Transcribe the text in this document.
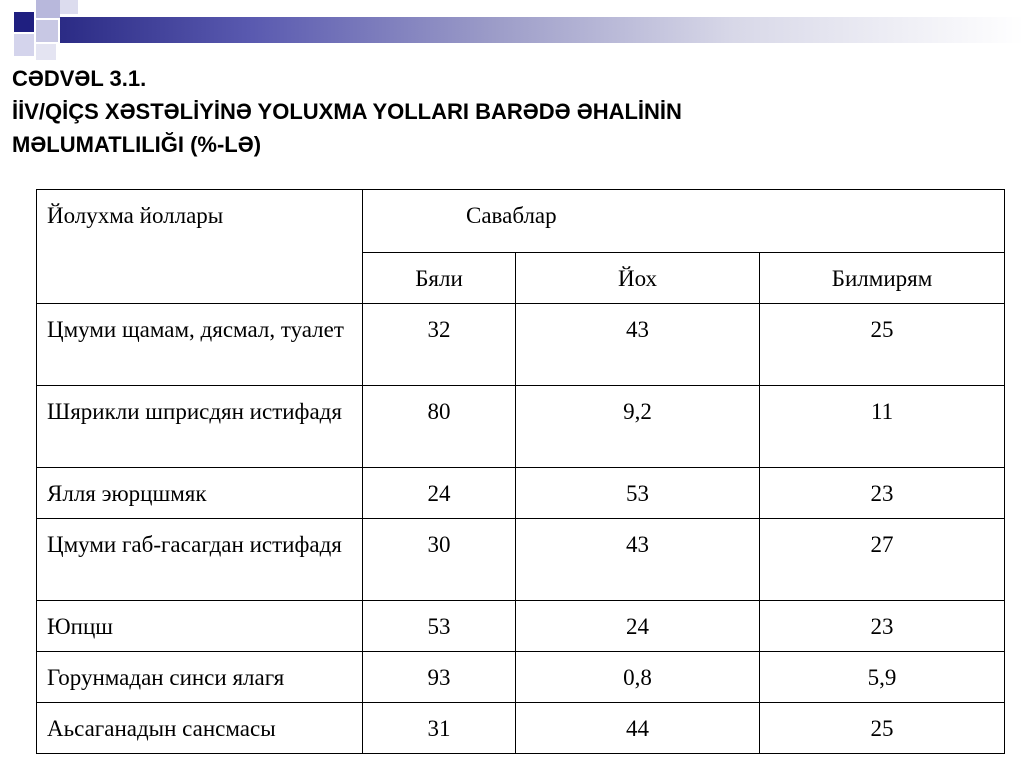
CƏDVƏL 3.1.
İİV/QİÇS XƏSTƏLİYİNƏ YOLUXMA YOLLARI BARƏDƏ ƏHALİNİN
MƏLUMATLILIĞI (%-LƏ)
Йолухма йоллары	Саваблар		
	Бяли	Йох	Билмирям
Цмуми щамам, дясмал, туалет	32	43	25
Шярикли шприсдян истифадя	80	9,2	11
Ялля эюрцшмяк	24	53	23
Цмуми габ-гасагдан истифадя	30	43	27
Юпцш	53	24	23
Горунмадан синси ялагя	93	0,8	5,9
Аьсаганадын сансмасы	31	44	25
